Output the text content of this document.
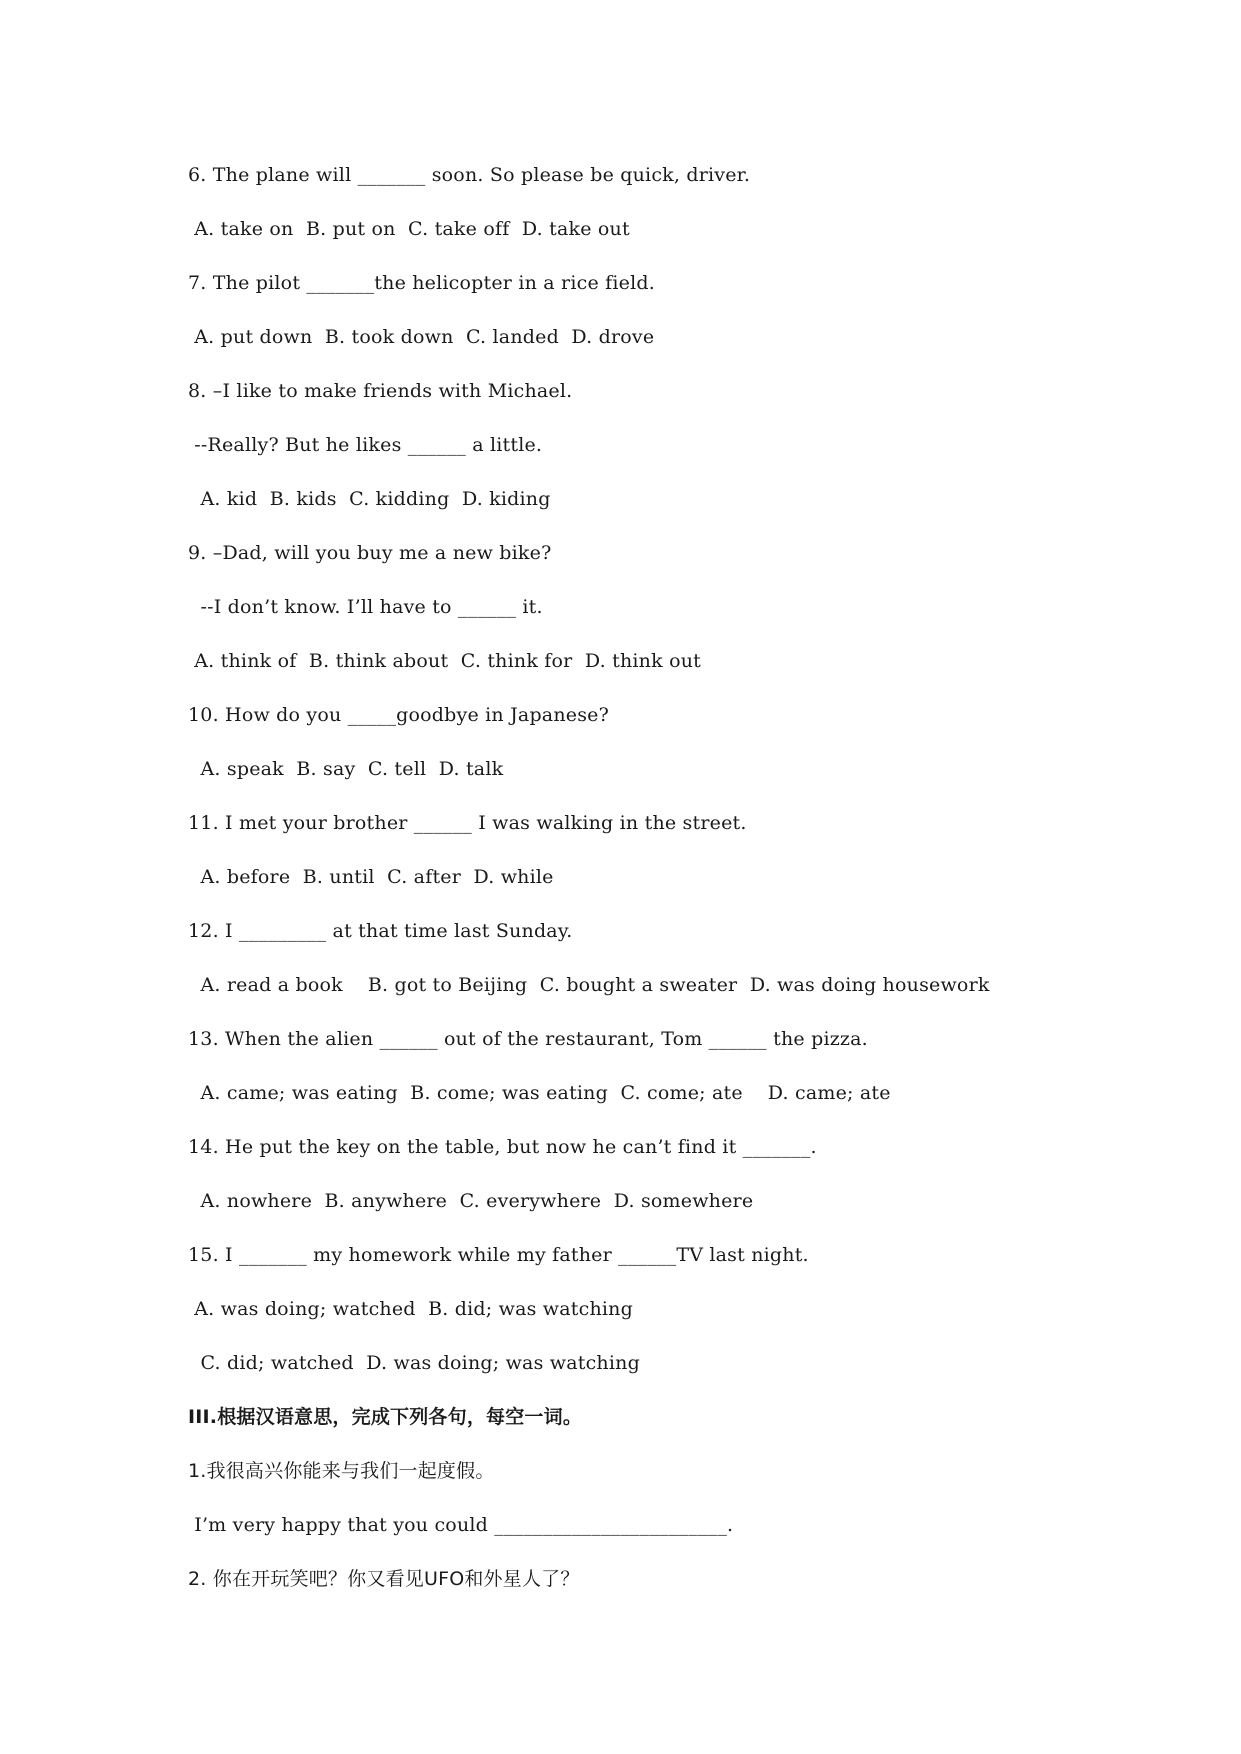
6. The plane will _______ soon. So please be quick, driver.
A. take on  B. put on  C. take off  D. take out
7. The pilot _______the helicopter in a rice field.
A. put down  B. took down  C. landed  D. drove
8. –I like to make friends with Michael.
--Really? But he likes ______ a little.
A. kid  B. kids  C. kidding  D. kiding
9. –Dad, will you buy me a new bike?
--I don’t know. I’ll have to ______ it.
A. think of  B. think about  C. think for  D. think out
10. How do you _____goodbye in Japanese?
A. speak  B. say  C. tell  D. talk
11. I met your brother ______ I was walking in the street.
A. before  B. until  C. after  D. while
12. I _________ at that time last Sunday.
A. read a book    B. got to Beijing  C. bought a sweater  D. was doing housework
13. When the alien ______ out of the restaurant, Tom ______ the pizza.
A. came; was eating  B. come; was eating  C. come; ate    D. came; ate
14. He put the key on the table, but now he can’t find it _______.
A. nowhere  B. anywhere  C. everywhere  D. somewhere
15. I _______ my homework while my father ______TV last night.
A. was doing; watched  B. did; was watching
C. did; watched  D. was doing; was watching
III.根据汉语意思，完成下列各句，每空一词。
1.我很高兴你能来与我们一起度假。
I’m very happy that you could ________________________.
2. 你在开玩笑吧？你又看见UFO和外星人了？
